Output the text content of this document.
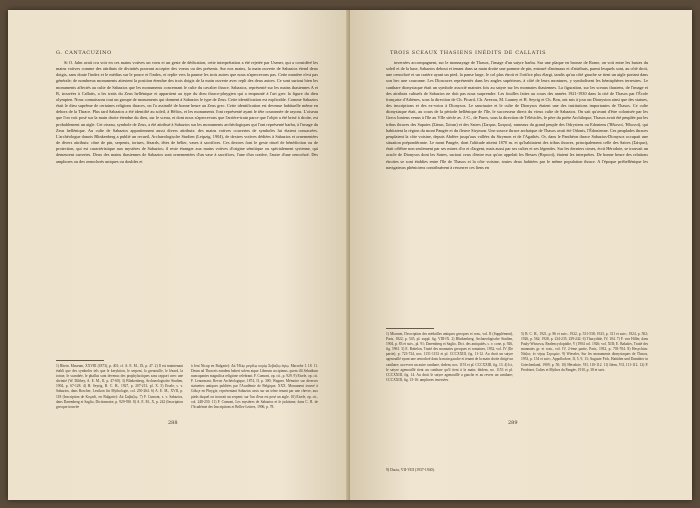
G. CANTACUZINO
Si O. Jahn avait cru voir en ces mains votives un voeu et un geste de dédication, cette interprétation a été rejetée par Usener, qui a considéré les mains votives comme des attributs de divinités pouvant accepter des voeux ou des présents. Sur nos mains, la main ouverte de Sabazios étend deux doigts, sans doute l'index et le médius sur le pouce et l'index, et replie vers la paume les trois autres que nous n'apercevons pas. Cette manière n'est pas générale; de nombreux monuments attestent la position étendue des trois doigts de la main ouverte avec repli des deux autres. Ce sont surtout bien les monuments affectés au culte de Sabazios que les monuments concernant le culte du cavalier thrace. Sabazios, représenté sur les mains thasiennes A et B, trouvées à Callatis, a les traits du Zeus hellénique et appartient au type du dieu thraco-phrygien qui a emprunté à l'art grec la figure du dieu olympien. Nous connaissons tout un groupe de monuments qui donnent à Sabazios le type de Zeus. Cette identification est explicable. Comme Sabazios était le dieu suprême de certaines religions thraces, on l'a assimilé de bonne heure au Zeus grec. Cette identification est devenue habituelle même en dehors de la Thrace. Plus tard Sabazios a été identifié au soleil, à Hélios, et les monuments l'ont représenté ayant le tête couronnée de rayons. L'oiseau que l'on voit posé sur la main droite étendue du dieu, sur le sceau, et dont nous n'apercevons que l'arrière-train parce que l'objet a été brisé à droite, est probablement un aigle. Cet oiseau, symbole de Zeus, a été attribué à Sabazios sur les monuments archéologiques qui l'ont représenté barbu, à l'image du Zeus hellénique. Au culte de Sabazios appartiennent aussi divers attributs: des mains votives couvertes de symboles lui étaient consacrées. L'archéologue danois Blinkenberg a publié un recueil, Archaeologische Studien (Leipzig, 1904), de dextres votives dédiées à Sabazios et ornementées de divers attributs: cône de pin, serpents, tortues, lézards, têtes de bélier, vases à sacrifices. Ces dextres font le geste rituel de bénédiction ou de protection, qui est caractéristique aux mystères de Sabazios; il reste étranger aux mains votives d'origine sémitique ou spécialement syrienne, qui demeurent ouvertes. Deux des mains thasiennes de Sabazios sont ornementées d'un vase à sacrifices, l'une d'un cratère, l'autre d'une oenochoé. Des amphores ou des oenochoés uniques ou doubles et
1) Rhein. Museum, XXVIII (1873), p. 401; cf. A. E. M., IX, p. 47. 2) Il est maintenant établi que des symboles tels que le keryktion, le serpent, la grenouille, le lézard, la tortue, le scarabée, le phallus sont devenus des prophylactiques sans rapport avec une divinité (W. Dilthey, A. E. M., II, p. 47-60). 3) Blinkenberg, Archaeologische Studien, 1904, p. 67-128. 4) H. Seyrig, B. C. H., 1927, p. 207-213, pl. X. 5) Eisele, s. v. Sabazios, dans Roscher, Lexikon für Mythologie, col. 250-264. 6) A. E. M., XVII, p. 118 (Inscription de Koçarli, en Bulgarie): Διὶ Σαβαζίῳ. 7) F. Cumont, s. v. Sabazios, dans Daremberg et Saglio, Dictionnaire, p. 929-930. 8) A. E. M., X, p. 242 (Inscription grecque trouvée
à Jeni Nicup en Bulgarie): Διὶ Ἡλίῳ μεγάλῳ κυρίῳ Σεβαζίῳ ἁγίῳ. Macrobe I. 18. 11. Deum ad Thraceis eundem haberi solem atque Liberum accipimus, quem illi Sebadium nuncupantes magnifica religione celebrant. F. Cumont, op. cit., p. 929. 9) Eisele, op. cit. F. Lenormant, Revue Archéologique, 1874, II, p. 300; Wagner, Mémoire sur diverses statuettes antiques publiées par l'Académie de Belgique, XXX. Monument trouvé à Gökçe en Phrygie, représentant Sabazios assis sur un trône tenant par une chevre, aux pieds duquel on trouvait un serpent; sur l'un d'eux est posé un aigle. 10) Eisele, op. cit., col. 248-250. 11) F. Cumont, Les mystères de Sabazios et le judaïsme, dans C. R. de l'Académie des Inscriptions et Belles-Lettres, 1906, p. 78.
288
TROIS SCEAUX THASIENS INÉDITS DE CALLATIS
inversées accompagnent, sur le monnayage de Thasos, l'image d'un satyre barbu. Sur une plaque en bronze de Rome, on voit entre les bustes du soleil et de la lune, Sabazios debout et tenant dans sa main droite une pomme de pin, entouré d'animaux et d'attributs, parmi lesquels sont, au côté droit, une oenochoé et un cratère ayant un pied, la panse large, le col plus étroit et l'orifice plus élargi, tandis qu'au côté gauche se tient un aigle portant dans son bec une couronne. Les Dioscures représentés dans les angles supérieurs, à côté de leurs montures, y symbolisent les hémisphères terrestres. Le canthare dionysiaque était un symbole associé maintes fois au satyre sur les monnaies thasiennes. La figuration, sur les sceaux thasiens, de l'image et des attributs cultuels de Sabazios ne doit pas nous surprendre. Les fouilles faites au cours des années 1921-1930 dans la cité de Thasos par l'École française d'Athènes, sous la direction de Ch. Picard, Ch. Avezou, M. Launey et H. Seyrig et Ch. Bon, ont mis à jour un Dionysion ainsi que des statues, des inscriptions et des ex-votos à Dionysos. Le sanctuaire et le culte de Dionysos étaient une des institutions importantes de Thasos. Ce culte dionysiaque était, au cours de la période hellénique de l'île, le successeur direct du vieux culte de Sabazios. On sait qu'avant d'être colonisée par les Grecs Ioniens venus à l'île au VIIe siècle av. J.-C., de Paros, sous la direction de Télésiclès, le père du poète Archiloque, Thasos avait été peuplée par les tribus thraces des Sapaies (Σάπαι, Σάπαι) et des Satres (Σατραι, Σατραι), rameaux du grand peuple des Odrysiens ou Edoniens (Ἠδωνοί, Ἠδωνοί), qui habitaient la région du mont Pangée et du fleuve Strymon. Une source thrace archaïque de Thasos avait été Odonis, l'Édonienne. Ces peuplades thraces peuplaient la côte voisine, depuis Abdère jusqu'aux vallées du Strymon et de l'Agathès. Or, dans le Panthéon thrace Sabazios-Dionysos occupait une situation prépondérante. Le mont Pangée, dont l'altitude atteint 1870 m. et qu'habitaient des tribus thraces, principalement celle des Satres (Σάτραι), était célèbre non seulement par ses mines d'or et d'argent, mais aussi par ses cultes et ses légendes. Sur les derniers cimes, écrit Hérodote, se trouvait un oracle de Dionysos dont les Satres, surtout ceux d'entre eux qu'on appelait les Besses (Βησσοί), étaient les interprètes. De bonne heure des relations étroites se sont établies entre l'île de Thasos et la côte voisine, toutes deux habitées par le même population thrace. A l'époque préhellénique les navigateurs phéniciens contribuèrent à resserrer ces liens en
1) Mionnet, Description des médailles antiques grecques et rom., vol. II (Supplément), Paris, 1822, p. 545, pl. suppl. fig. VIII-IX. 2) Blinkenberg, Archaeologische Studien, 1904, p. 83 et suiv., pl. 91; Daremberg et Saglio, Dict. des antiquités, s. v. cone, p. 926, fig. 5961. 3) E. Babelon, Traité des monnaies grecques et romaines, 1932, vol. IV (IIe partie), p. 723-724, nos. 1151-1152 et pl. CCCXXIII, fig. 11-12. Au droit un satyre agenouillé ayant une oenochoé dans la main gauche et tenant de la main droite dirigé un canthare; au revers un autre canthare, dodem, nos. 1153 et pl. CCCXXIII, fig. 13. 4) Ici, le satyre agenouillé tient un canthare qu'il tient à la main; ibidem, no. 1153 et pl. CCCXXIII, fig. 14. Au droit le satyre agenouillé a gauche et au revers un canthare; CCCXXIII, fig. 15-16: amphores inversées.
5) B. C. H., 1921, p. 86 et suiv.; 1922, p. 531-538; 1923, p. 311 et suiv.; 1924, p. 502; 1926, p. 562; 1928, p. 234-235, 239-242. 6) Thucydide, IV, 104. 7) F. von Hiller, dans Pauly-Wissowa, Realencyclopädie, V (1904 col. 1926; vol. XIII; E. Bakalov, Traité des monnaies gr. et rom., vol. IV, 2-ème partie, Paris, 1932, p. 703-704. 8) Hesychius: Νάξος: ἐν νήσῳ Στρυμών. 9) Wieseler, Sur les monuments dionysiaques de Thasos, 1953, p. 154 et suiv.; Appollodore, II, 5, 9, 13; Auguste Fick, Hattiden und Danubier in Griechenland, 1909, p. 50; 10) Hérodote, VII, 110-112. 11) Idem, VII, 111-112. 12) P. Perdrizet, Cultes et Mythes du Pangée, 1910, p. 38 et suiv.
289
9) Dacia, VII-VIII (1937-1940).
